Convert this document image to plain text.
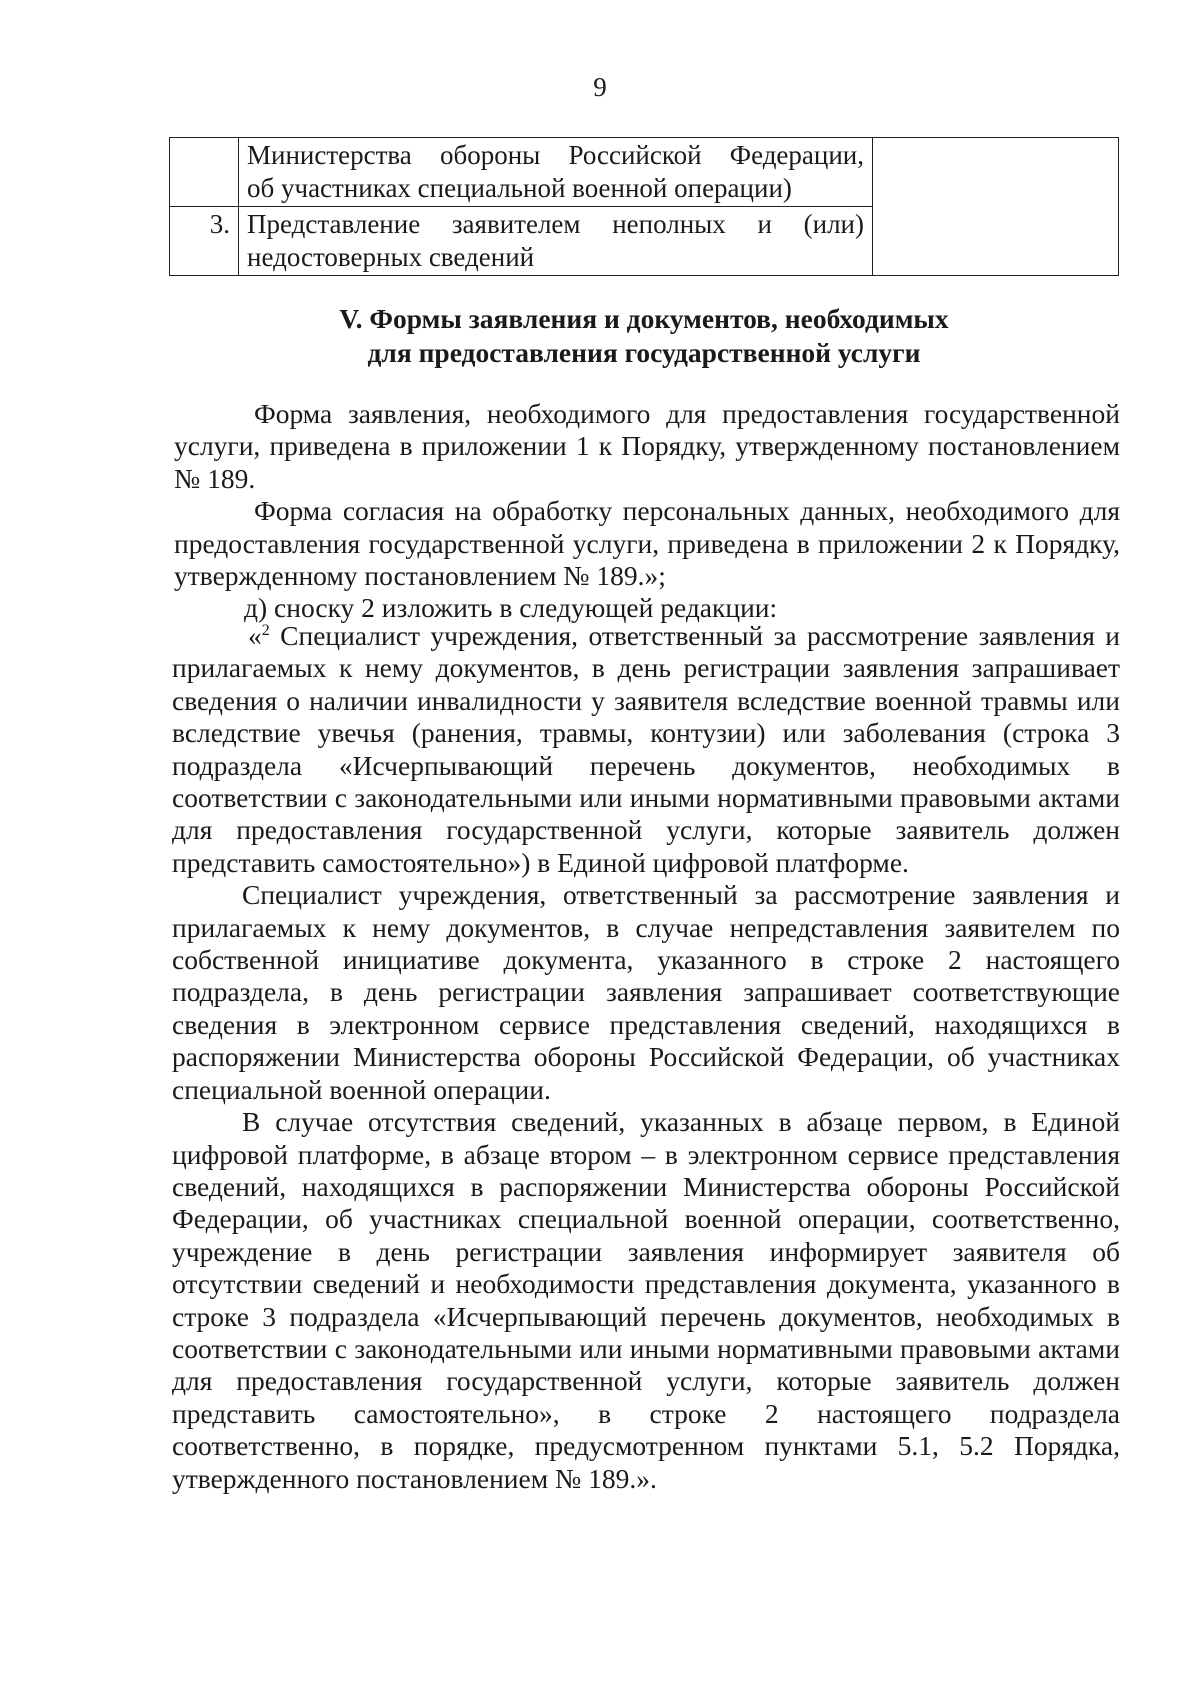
9

	Министерства обороны Российской Федерации,
об участниках специальной военной операции)	
3.	Представление заявителем неполных и (или)
недостоверных сведений	
V. Формы заявления и документов, необходимых
для предоставления государственной услуги

Форма заявления, необходимого для предоставления государственной услуги, приведена в приложении 1 к Порядку, утвержденному постановлением № 189.

Форма согласия на обработку персональных данных, необходимого для предоставления государственной услуги, приведена в приложении 2 к Порядку, утвержденному постановлением № 189.»;

д) сноску 2 изложить в следующей редакции:

«$^2$ Специалист учреждения, ответственный за рассмотрение заявления и прилагаемых к нему документов, в день регистрации заявления запрашивает сведения о наличии инвалидности у заявителя вследствие военной травмы или вследствие увечья (ранения, травмы, контузии) или заболевания (строка 3 подраздела «Исчерпывающий перечень документов, необходимых в соответствии с законодательными или иными нормативными правовыми актами для предоставления государственной услуги, которые заявитель должен представить самостоятельно») в Единой цифровой платформе.

Специалист учреждения, ответственный за рассмотрение заявления и прилагаемых к нему документов, в случае непредставления заявителем по собственной инициативе документа, указанного в строке 2 настоящего подраздела, в день регистрации заявления запрашивает соответствующие сведения в электронном сервисе представления сведений, находящихся в распоряжении Министерства обороны Российской Федерации, об участниках специальной военной операции.

В случае отсутствия сведений, указанных в абзаце первом, в Единой цифровой платформе, в абзаце втором – в электронном сервисе представления сведений, находящихся в распоряжении Министерства обороны Российской Федерации, об участниках специальной военной операции, соответственно, учреждение в день регистрации заявления информирует заявителя об отсутствии сведений и необходимости представления документа, указанного в строке 3 подраздела «Исчерпывающий перечень документов, необходимых в соответствии с законодательными или иными нормативными правовыми актами для предоставления государственной услуги, которые заявитель должен представить самостоятельно», в строке 2 настоящего подраздела соответственно, в порядке, предусмотренном пунктами 5.1, 5.2 Порядка, утвержденного постановлением № 189.».
